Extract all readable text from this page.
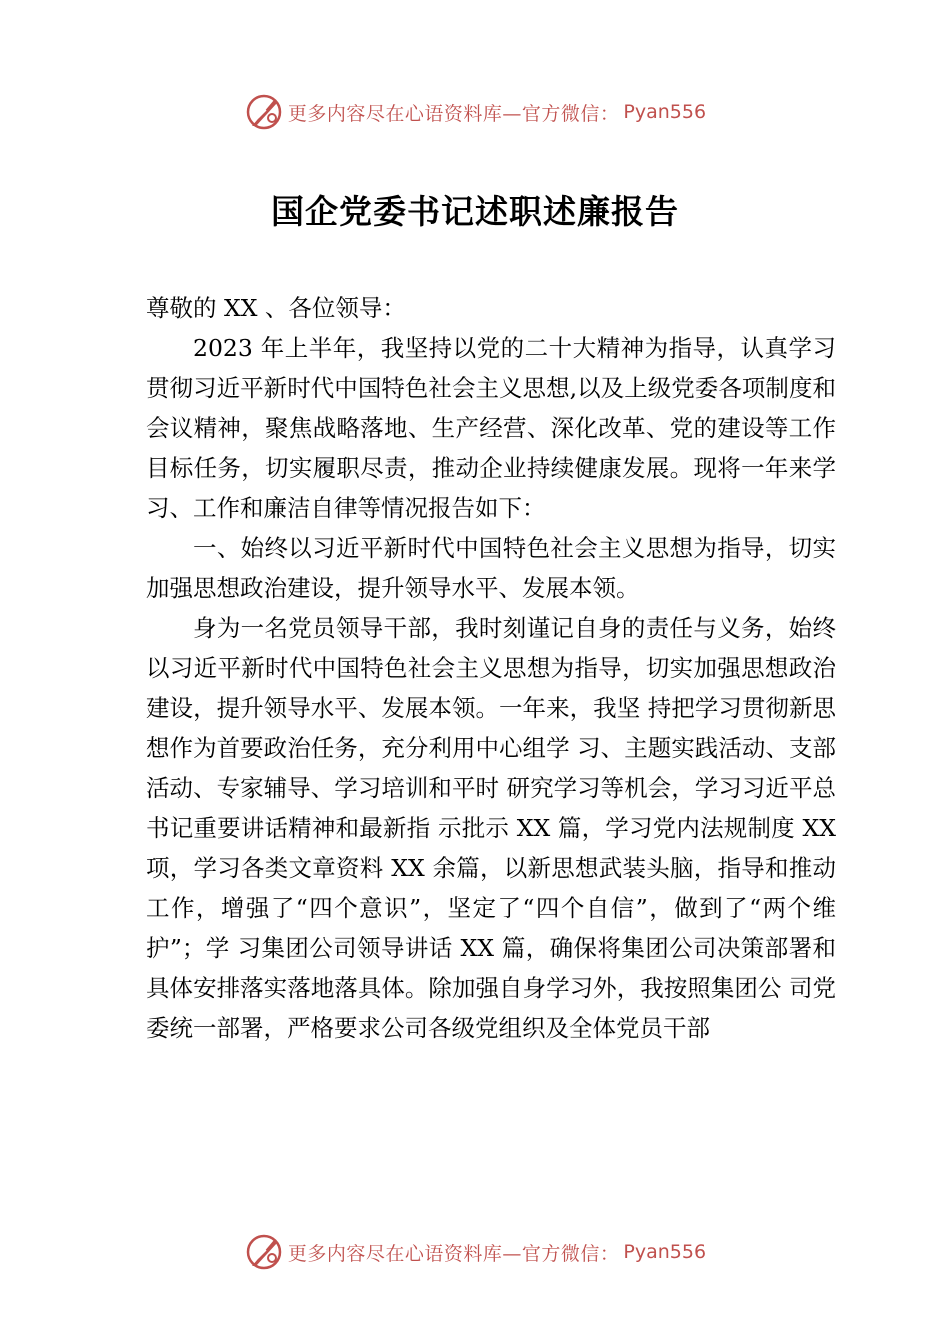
更多内容尽在心语资料库—官方微信： Pyan556
国企党委书记述职述廉报告

尊敬的 XX 、各位领导：

2023 年上半年，我坚持以党的二十大精神为指导，认真学习贯彻习近平新时代中国特色社会主义思想,以及上级党委各项制度和会议精神，聚焦战略落地、生产经营、深化改革、党的建设等工作目标任务，切实履职尽责，推动企业持续健康发展。现将一年来学习、工作和廉洁自律等情况报告如下：

一、始终以习近平新时代中国特色社会主义思想为指导，切实加强思想政治建设，提升领导水平、发展本领。

身为一名党员领导干部，我时刻谨记自身的责任与义务，始终以习近平新时代中国特色社会主义思想为指导，切实加强思想政治建设，提升领导水平、发展本领。一年来，我坚 持把学习贯彻新思想作为首要政治任务，充分利用中心组学 习、主题实践活动、支部活动、专家辅导、学习培训和平时 研究学习等机会，学习习近平总书记重要讲话精神和最新指 示批示 XX 篇，学习党内法规制度 XX 项，学习各类文章资料 XX 余篇，以新思想武装头脑，指导和推动工作，增强了“四个意识”，坚定了“四个自信”，做到了“两个维护”；学 习集团公司领导讲话 XX 篇，确保将集团公司决策部署和具体安排落实落地落具体。除加强自身学习外，我按照集团公 司党委统一部署，严格要求公司各级党组织及全体党员干部

更多内容尽在心语资料库—官方微信： Pyan556
